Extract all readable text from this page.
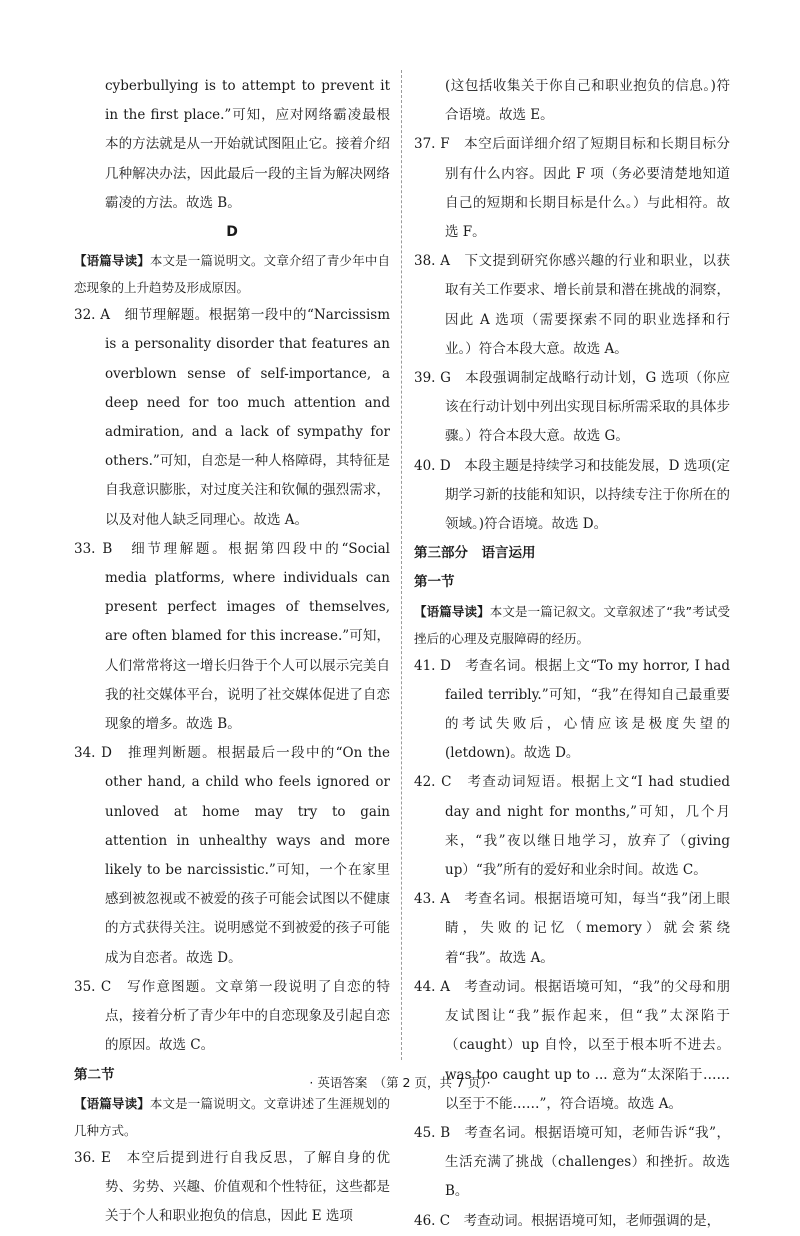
cyberbullying is to attempt to prevent it in the first place.”可知，应对网络霸凌最根本的方法就是从一开始就试图阻止它。接着介绍几种解决办法，因此最后一段的主旨为解决网络霸凌的方法。故选 B。

D

【语篇导读】本文是一篇说明文。文章介绍了青少年中自恋现象的上升趋势及形成原因。

32. A　细节理解题。根据第一段中的“Narcissism is a personality disorder that features an overblown sense of self-importance, a deep need for too much attention and admiration, and a lack of sympathy for others.”可知，自恋是一种人格障碍，其特征是自我意识膨胀，对过度关注和钦佩的强烈需求，以及对他人缺乏同理心。故选 A。

33. B　细节理解题。根据第四段中的“Social media platforms, where individuals can present perfect images of themselves, are often blamed for this increase.”可知，人们常常将这一增长归咎于个人可以展示完美自我的社交媒体平台，说明了社交媒体促进了自恋现象的增多。故选 B。

34. D　推理判断题。根据最后一段中的“On the other hand, a child who feels ignored or unloved at home may try to gain attention in unhealthy ways and more likely to be narcissistic.”可知，一个在家里感到被忽视或不被爱的孩子可能会试图以不健康的方式获得关注。说明感觉不到被爱的孩子可能成为自恋者。故选 D。

35. C　写作意图题。文章第一段说明了自恋的特点，接着分析了青少年中的自恋现象及引起自恋的原因。故选 C。

第二节

【语篇导读】本文是一篇说明文。文章讲述了生涯规划的几种方式。

36. E　本空后提到进行自我反思，了解自身的优势、劣势、兴趣、价值观和个性特征，这些都是关于个人和职业抱负的信息，因此 E 选项

(这包括收集关于你自己和职业抱负的信息。)符合语境。故选 E。

37. F　本空后面详细介绍了短期目标和长期目标分别有什么内容。因此 F 项（务必要清楚地知道自己的短期和长期目标是什么。）与此相符。故选 F。

38. A　下文提到研究你感兴趣的行业和职业，以获取有关工作要求、增长前景和潜在挑战的洞察，因此 A 选项（需要探索不同的职业选择和行业。）符合本段大意。故选 A。

39. G　本段强调制定战略行动计划，G 选项（你应该在行动计划中列出实现目标所需采取的具体步骤。）符合本段大意。故选 G。

40. D　本段主题是持续学习和技能发展，D 选项(定期学习新的技能和知识，以持续专注于你所在的领域。)符合语境。故选 D。

第三部分　语言运用

第一节

【语篇导读】本文是一篇记叙文。文章叙述了“我”考试受挫后的心理及克服障碍的经历。

41. D　考查名词。根据上文“To my horror, I had failed terribly.”可知，“我”在得知自己最重要的考试失败后，心情应该是极度失望的(letdown)。故选 D。

42. C　考查动词短语。根据上文“I had studied day and night for months,”可知，几个月来，“我”夜以继日地学习，放弃了（giving up）“我”所有的爱好和业余时间。故选 C。

43. A　考查名词。根据语境可知，每当“我”闭上眼睛，失败的记忆（memory）就会萦绕着“我”。故选 A。

44. A　考查动词。根据语境可知，“我”的父母和朋友试图让“我”振作起来，但“我”太深陷于（caught）up 自怜，以至于根本听不进去。was too caught up to ... 意为“太深陷于……以至于不能……”，符合语境。故选 A。

45. B　考查名词。根据语境可知，老师告诉“我”，生活充满了挑战（challenges）和挫折。故选 B。

46. C　考查动词。根据语境可知，老师强调的是，

· 英语答案　（第 2 页，共 7 页）·
